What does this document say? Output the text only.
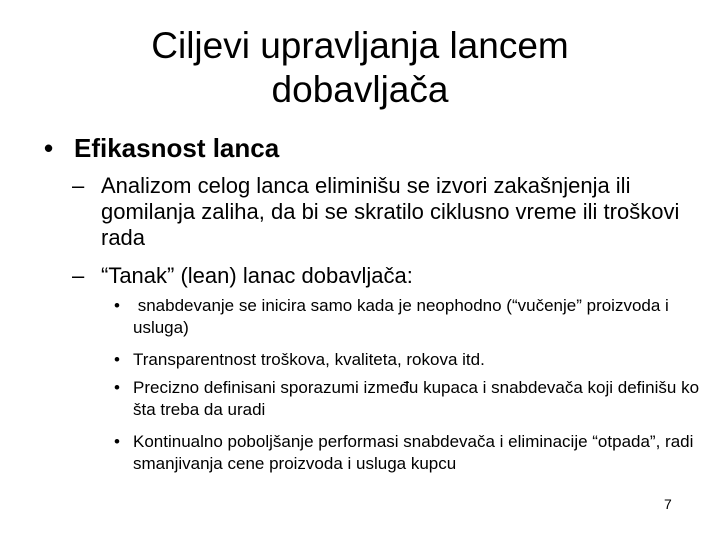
Ciljevi upravljanja lancem
dobavljača
• Efikasnost lanca
– Analizom celog lanca eliminišu se izvori zakašnjenja ili gomilanja zaliha, da bi se skratilo ciklusno vreme ili troškovi rada
– “Tanak” (lean) lanac dobavljača:
• snabdevanje se inicira samo kada je neophodno (“vučenje” proizvoda i usluga)
• Transparentnost troškova, kvaliteta, rokova itd.
• Precizno definisani sporazumi između kupaca i snabdevača koji definišu ko šta treba da uradi
• Kontinualno poboljšanje performasi snabdevača i eliminacije “otpada”, radi smanjivanja cene proizvoda i usluga kupcu
7
